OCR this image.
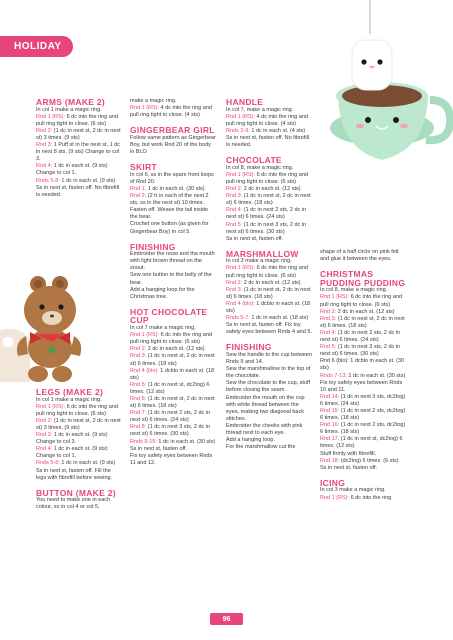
HOLIDAY

ARMS (MAKE 2)

In col 1 make a magic ring.

Rnd 1 (RS): 6 dc into the ring and pull ring tight to close. (6 sts)

Rnd 2: (1 dc in next st, 2 dc in next st) 3 times. (9 sts)

Rnd 3: 1 Puff st in the next st, 1 dc in next 8 sts. (9 sts) Change to col 3.

Rnd 4: 1 dc in each st. (9 sts) Change to col 1.

Rnds 5-8: 1 dc in each st. (9 sts)

Ss in next st, fasten off. No fibrefill is needed.

LEGS (MAKE 2)

In col 1 make a magic ring.

Rnd 1 (RS): 6 dc into the ring and pull ring tight to close. (6 sts)

Rnd 2: (1 dc in next st, 2 dc in next st) 3 times. (9 sts)

Rnd 3: 1 dc in each st. (9 sts) Change to col 3.

Rnd 4: 1 dc in each st. (9 sts) Change to col 1.

Rnds 5-8: 1 dc in each st. (9 sts)

Ss in next st, fasten off. Fill the legs with fibrefill before sewing.

BUTTON (MAKE 2)

You need to make one in each colour, so in col 4 or col 5,

make a magic ring.

Rnd 1 (RS): 4 dc into the ring and pull ring tight to close. (4 sts)

GINGERBEAR GIRL

Follow same pattern as Gingerbear Boy, but work Rnd 20 of the body in BLO

SKIRT

In col 6, ss in the spare front loops of Rnd 20.

Rnd 1: 1 dc in each st. (30 sts)

Rnd 2: (2 tr in each of the next 2 sts, ss in the next st) 10 times. Fasten off. Weave the tail inside the bear.

Crochet one button (as given for Gingerbear Boy) in col 5.

FINISHING

Embroider the nose and the mouth with light brown thread on the snout.

Sew one button to the belly of the bear.

Add a hanging loop for the Christmas tree.

HOT CHOCOLATE CUP

In col 7 make a magic ring.

Rnd 1 (RS): 6 dc into the ring and pull ring tight to close. (6 sts)

Rnd 2: 2 dc in each st. (12 sts)

Rnd 3: (1 dc in next st, 2 dc in next st) 6 times. (18 sts)

Rnd 4 (blo): 1 dcblo in each st. (18 sts)

Rnd 5: (1 dc in next st, dc2tog) 6 times. (12 sts)

Rnd 6: (1 dc in next st, 2 dc in next st) 6 times. (18 sts)

Rnd 7: (1 dc in next 2 sts, 2 dc in next st) 6 times. (24 sts)

Rnd 8: (1 dc in next 3 sts, 2 dc in next st) 6 times. (30 sts)

Rnds 9-15: 1 dc in each st. (30 sts)

Ss in next st, fasten off.

Fix toy safety eyes between Rnds 11 and 12.

HANDLE

In col 7, make a magic ring.

Rnd 1 (RS): 4 dc into the ring and pull ring tight to close. (4 sts)

Rnds 2-9: 1 dc in each st. (4 sts)

Ss in next st, fasten off. No fibrefill is needed.

CHOCOLATE

In col 8, make a magic ring.

Rnd 1 (RS): 6 dc into the ring and pull ring tight to close. (6 sts)

Rnd 2: 2 dc in each st. (12 sts)

Rnd 3: (1 dc in next st, 2 dc in next st) 6 times. (18 sts)

Rnd 4: (1 dc in next 2 sts, 2 dc in next st) 6 times. (24 sts)

Rnd 5: (1 dc in next 3 sts, 2 dc in next st) 6 times. (30 sts)

Ss in next st, fasten off.

MARSHMALLOW

In col 3 make a magic ring.

Rnd 1 (RS): 6 dc into the ring and pull ring tight to close. (6 sts)

Rnd 2: 2 dc in each st. (12 sts)

Rnd 3: (1 dc in next st, 2 dc in next st) 6 times. (18 sts)

Rnd 4 (blo): 1 dcblo in each st. (18 sts)

Rnds 5-7: 1 dc in each st. (18 sts)

Ss in next st, fasten off. Fix toy safety eyes between Rnds 4 and 5.

FINISHING

Sew the handle to the cup between Rnds 9 and 14.

Sew the marshmallow to the top of the chocolate.

Sew the chocolate to the cup, stuff before closing the seam. Embroider the mouth on the cup with white thread between the eyes, making two diagonal back stitches.

Embroider the cheeks with pink thread next to each eye.

Add a hanging loop.

For the marshmallow cut the

shape of a half circle on pink felt and glue it between the eyes.

CHRISTMAS PUDDING PUDDING

In col 8, make a magic ring.

Rnd 1 (RS): 6 dc into the ring and pull ring tight to close. (6 sts)

Rnd 2: 2 dc in each st. (12 sts)

Rnd 3: (1 dc in next st, 2 dc in next st) 6 times. (18 sts)

Rnd 4: (1 dc in next 2 sts, 2 dc in next st) 6 times. (24 sts)

Rnd 5: (1 dc in next 3 sts, 2 dc in next st) 6 times. (30 sts)

Rnd 6 (blo): 1 dcblo in each st. (30 sts)

Rnds 7-13: 1 dc in each st. (30 sts)

Fix toy safety eyes between Rnds 10 and 11.

Rnd 14: (1 dc in next 3 sts, dc2tog) 6 times. (24 sts)

Rnd 15: (1 dc in next 2 sts, dc2tog) 6 times. (18 sts)

Rnd 16: (1 dc in next 2 sts, dc2tog) 6 times. (18 sts)

Rnd 17: (1 dc in next st, dc2tog) 6 times. (12 sts)

Stuff firmly with fibrefill.

Rnd 18: (dc2tog) 6 times. (6 sts)

Ss in next st, fasten off.

ICING

In col 3 make a magic ring.

Rnd 1 (RS): 6 dc into the ring

96
